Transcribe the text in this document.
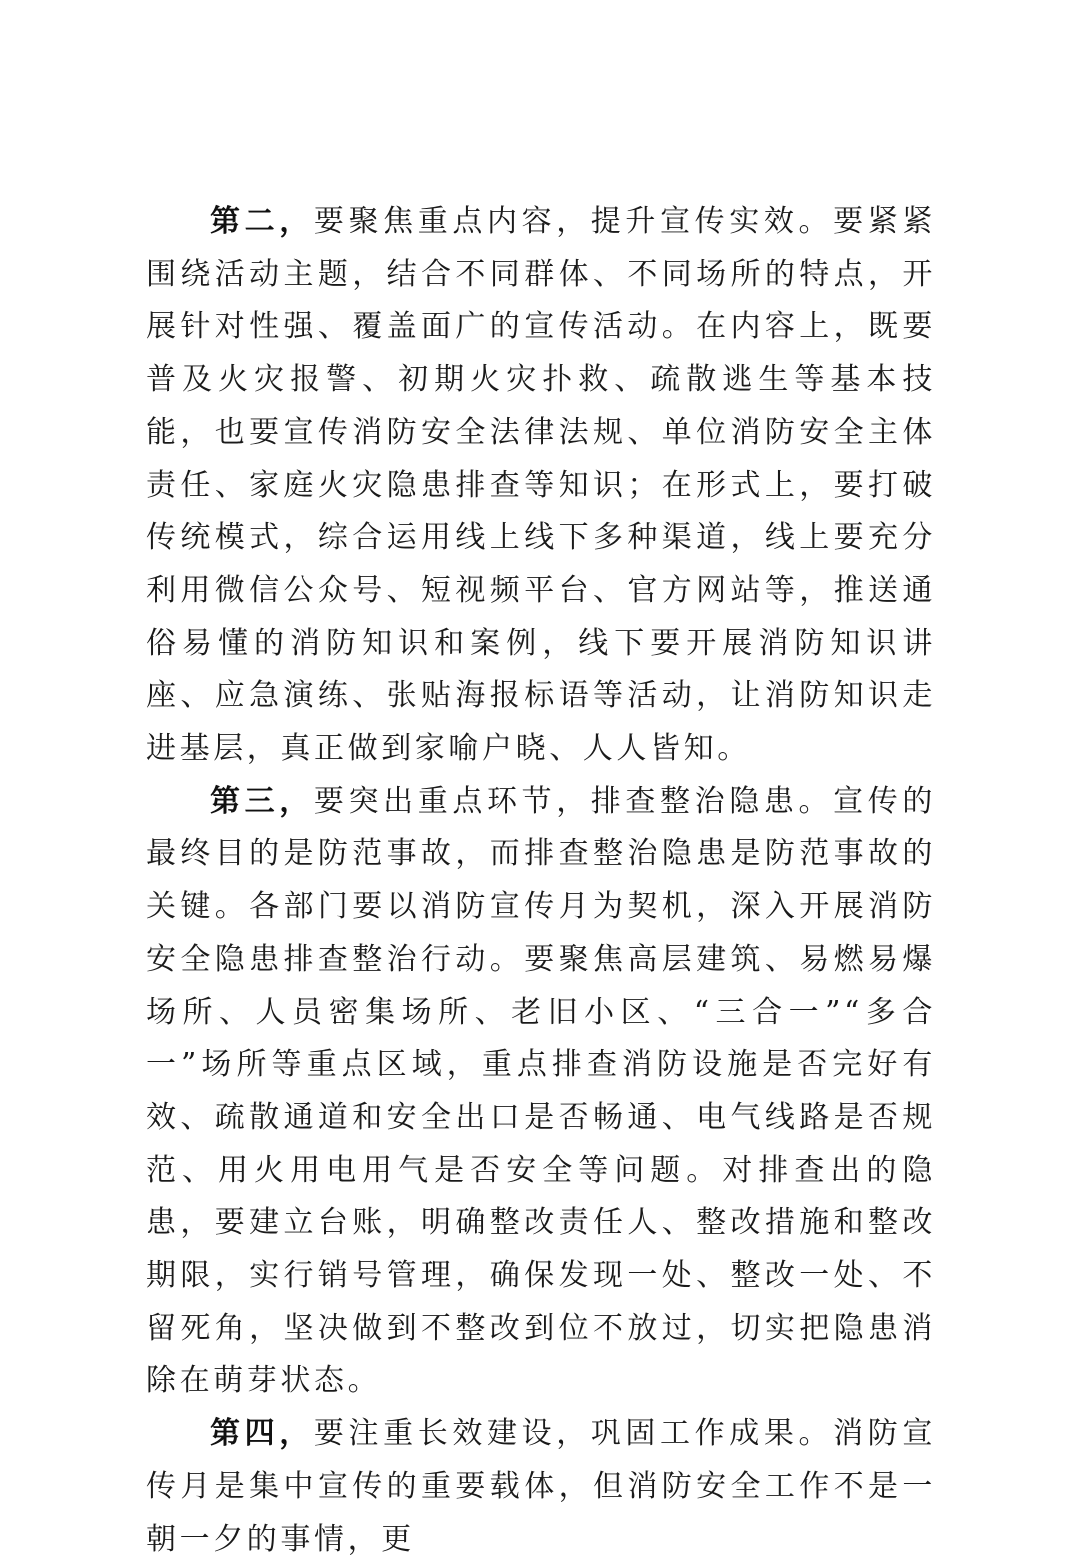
第二，要聚焦重点内容，提升宣传实效。要紧紧围绕活动主题，结合不同群体、不同场所的特点，开展针对性强、覆盖面广的宣传活动。在内容上，既要普及火灾报警、初期火灾扑救、疏散逃生等基本技能，也要宣传消防安全法律法规、单位消防安全主体责任、家庭火灾隐患排查等知识；在形式上，要打破传统模式，综合运用线上线下多种渠道，线上要充分利用微信公众号、短视频平台、官方网站等，推送通俗易懂的消防知识和案例，线下要开展消防知识讲座、应急演练、张贴海报标语等活动，让消防知识走进基层，真正做到家喻户晓、人人皆知。

第三，要突出重点环节，排查整治隐患。宣传的最终目的是防范事故，而排查整治隐患是防范事故的关键。各部门要以消防宣传月为契机，深入开展消防安全隐患排查整治行动。要聚焦高层建筑、易燃易爆场所、人员密集场所、老旧小区、“三合一”“多合一”场所等重点区域，重点排查消防设施是否完好有效、疏散通道和安全出口是否畅通、电气线路是否规范、用火用电用气是否安全等问题。对排查出的隐患，要建立台账，明确整改责任人、整改措施和整改期限，实行销号管理，确保发现一处、整改一处、不留死角，坚决做到不整改到位不放过，切实把隐患消除在萌芽状态。

第四，要注重长效建设，巩固工作成果。消防宣传月是集中宣传的重要载体，但消防安全工作不是一朝一夕的事情，更
